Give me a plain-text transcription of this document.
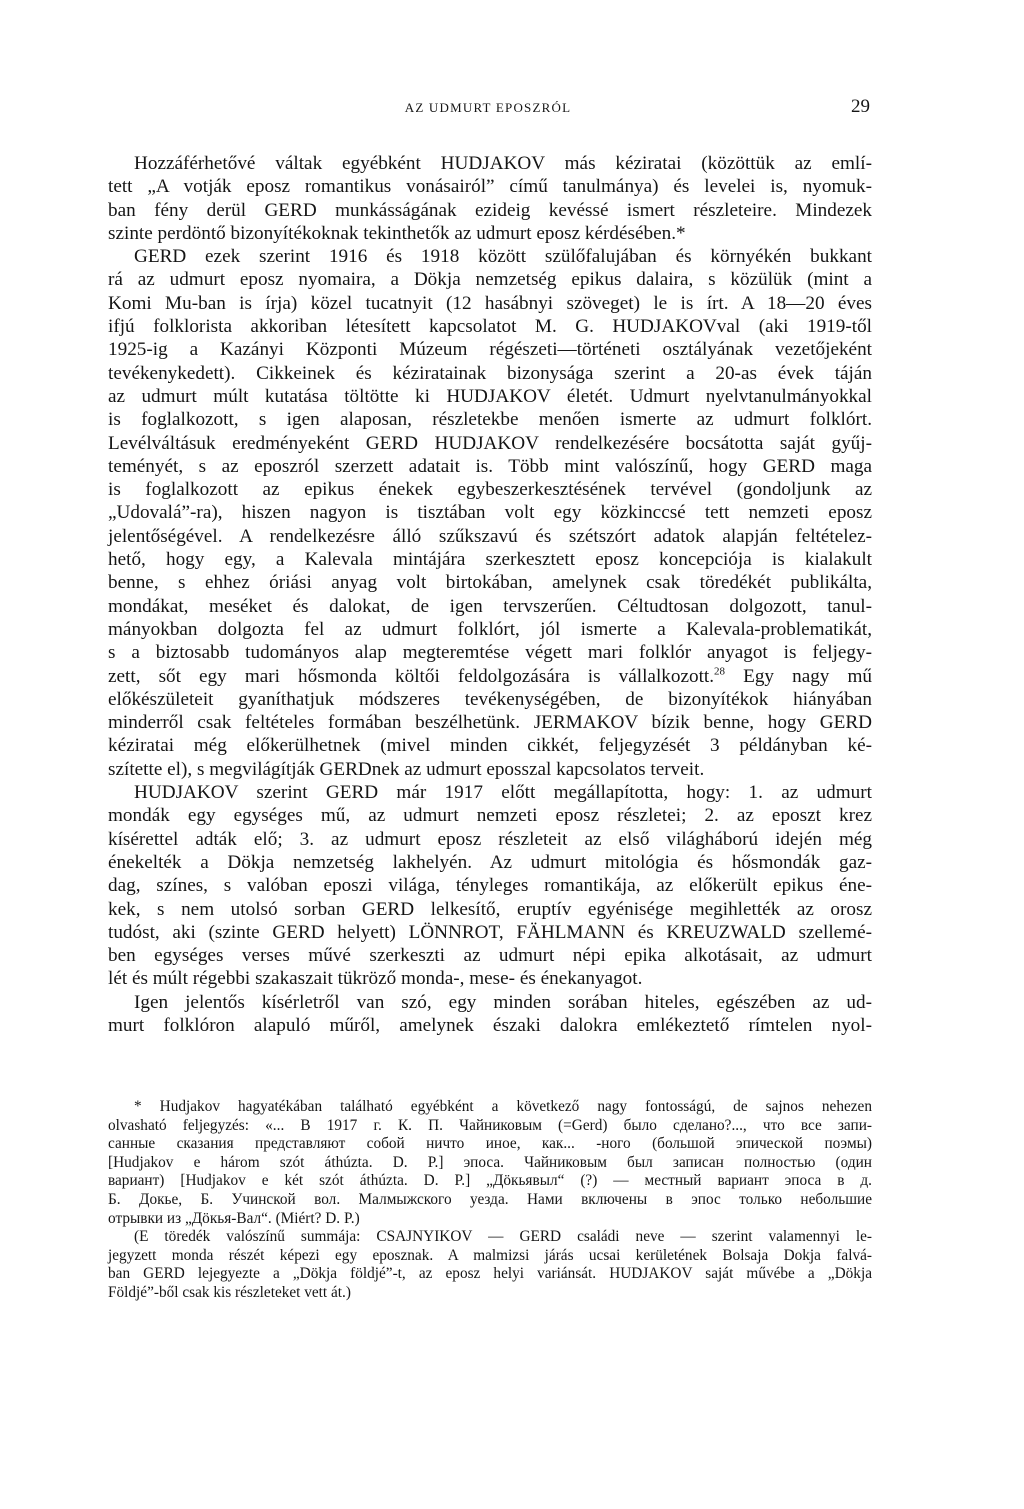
AZ UDMURT EPOSZRÓL	29
Hozzáférhetővé váltak egyébként HUDJAKOV más kéziratai (közöttük az emlí-
tett „A votják eposz romantikus vonásairól” című tanulmánya) és levelei is, nyomuk-
ban fény derül GERD munkásságának ezideig kevéssé ismert részleteire. Mindezek
szinte perdöntő bizonyítékoknak tekinthetők az udmurt eposz kérdésében.*
GERD ezek szerint 1916 és 1918 között szülőfalujában és környékén bukkant
rá az udmurt eposz nyomaira, a Dökja nemzetség epikus dalaira, s közülük (mint a
Komi Mu-ban is írja) közel tucatnyit (12 hasábnyi szöveget) le is írt. A 18—20 éves
ifjú folklorista akkoriban létesített kapcsolatot M. G. HUDJAKOVval (aki 1919-től
1925-ig a Kazányi Központi Múzeum régészeti—történeti osztályának vezetőjeként
tevékenykedett). Cikkeinek és kéziratainak bizonysága szerint a 20-as évek táján
az udmurt múlt kutatása töltötte ki HUDJAKOV életét. Udmurt nyelvtanulmányokkal
is foglalkozott, s igen alaposan, részletekbe menően ismerte az udmurt folklórt.
Levélváltásuk eredményeként GERD HUDJAKOV rendelkezésére bocsátotta saját gyűj-
teményét, s az eposzról szerzett adatait is. Több mint valószínű, hogy GERD maga
is foglalkozott az epikus énekek egybeszerkesztésének tervével (gondoljunk az
„Udovalá”-ra), hiszen nagyon is tisztában volt egy közkinccsé tett nemzeti eposz
jelentőségével. A rendelkezésre álló szűkszavú és szétszórt adatok alapján feltételez-
hető, hogy egy, a Kalevala mintájára szerkesztett eposz koncepciója is kialakult
benne, s ehhez óriási anyag volt birtokában, amelynek csak töredékét publikálta,
mondákat, meséket és dalokat, de igen tervszerűen. Céltudtosan dolgozott, tanul-
mányokban dolgozta fel az udmurt folklórt, jól ismerte a Kalevala-problematikát,
s a biztosabb tudományos alap megteremtése végett mari folklór anyagot is feljegy-
zett, sőt egy mari hősmonda költői feldolgozására is vállalkozott.$^{28}$ Egy nagy mű
előkészületeit gyaníthatjuk módszeres tevékenységében, de bizonyítékok hiányában
minderről csak feltételes formában beszélhetünk. JERMAKOV bízik benne, hogy GERD
kéziratai még előkerülhetnek (mivel minden cikkét, feljegyzését 3 példányban ké-
szítette el), s megvilágítják GERDnek az udmurt eposszal kapcsolatos terveit.
HUDJAKOV szerint GERD már 1917 előtt megállapította, hogy: 1. az udmurt
mondák egy egységes mű, az udmurt nemzeti eposz részletei; 2. az eposzt krez
kísérettel adták elő; 3. az udmurt eposz részleteit az első világháború idején még
énekelték a Dökja nemzetség lakhelyén. Az udmurt mitológia és hősmondák gaz-
dag, színes, s valóban eposzi világa, tényleges romantikája, az előkerült epikus éne-
kek, s nem utolsó sorban GERD lelkesítő, eruptív egyénisége megihlették az orosz
tudóst, aki (szinte GERD helyett) LÖNNROT, FÄHLMANN és KREUZWALD szellemé-
ben egységes verses művé szerkeszti az udmurt népi epika alkotásait, az udmurt
lét és múlt régebbi szakaszait tükröző monda-, mese- és énekanyagot.
Igen jelentős kísérletről van szó, egy minden sorában hiteles, egészében az ud-
murt folklóron alapuló műről, amelynek északi dalokra emlékeztető rímtelen nyol-
* Hudjakov hagyatékában található egyébként a következő nagy fontosságú, de sajnos nehezen
olvasható feljegyzés: «... В 1917 г. К. П. Чайниковым (=Gerd) было сделано?..., что все запи-
санные сказания представляют собой ничто иное, как... -ного (большой эпической поэмы)
[Hudjakov e három szót áthúzta. D. P.] эпоса. Чайниковым был записан полностью (один
вариант) [Hudjakov e két szót áthúzta. D. P.] „Дöкьявыл“ (?) — местный вариант эпоса в д.
Б. Докье, Б. Учинской вол. Малмыжского уезда. Нами включены в эпос только небольшие
отрывки из „Дöкья-Вал“. (Miért? D. P.)
(E töredék valószínű summája: CSAJNYIKOV — GERD családi neve — szerint valamennyi le-
jegyzett monda részét képezi egy eposznak. A malmizsi járás ucsai kerületének Bolsaja Dokja falvá-
ban GERD lejegyezte a „Dökja földjé”-t, az eposz helyi variánsát. HUDJAKOV saját művébe a „Dökja
Földjé”-ből csak kis részleteket vett át.)
